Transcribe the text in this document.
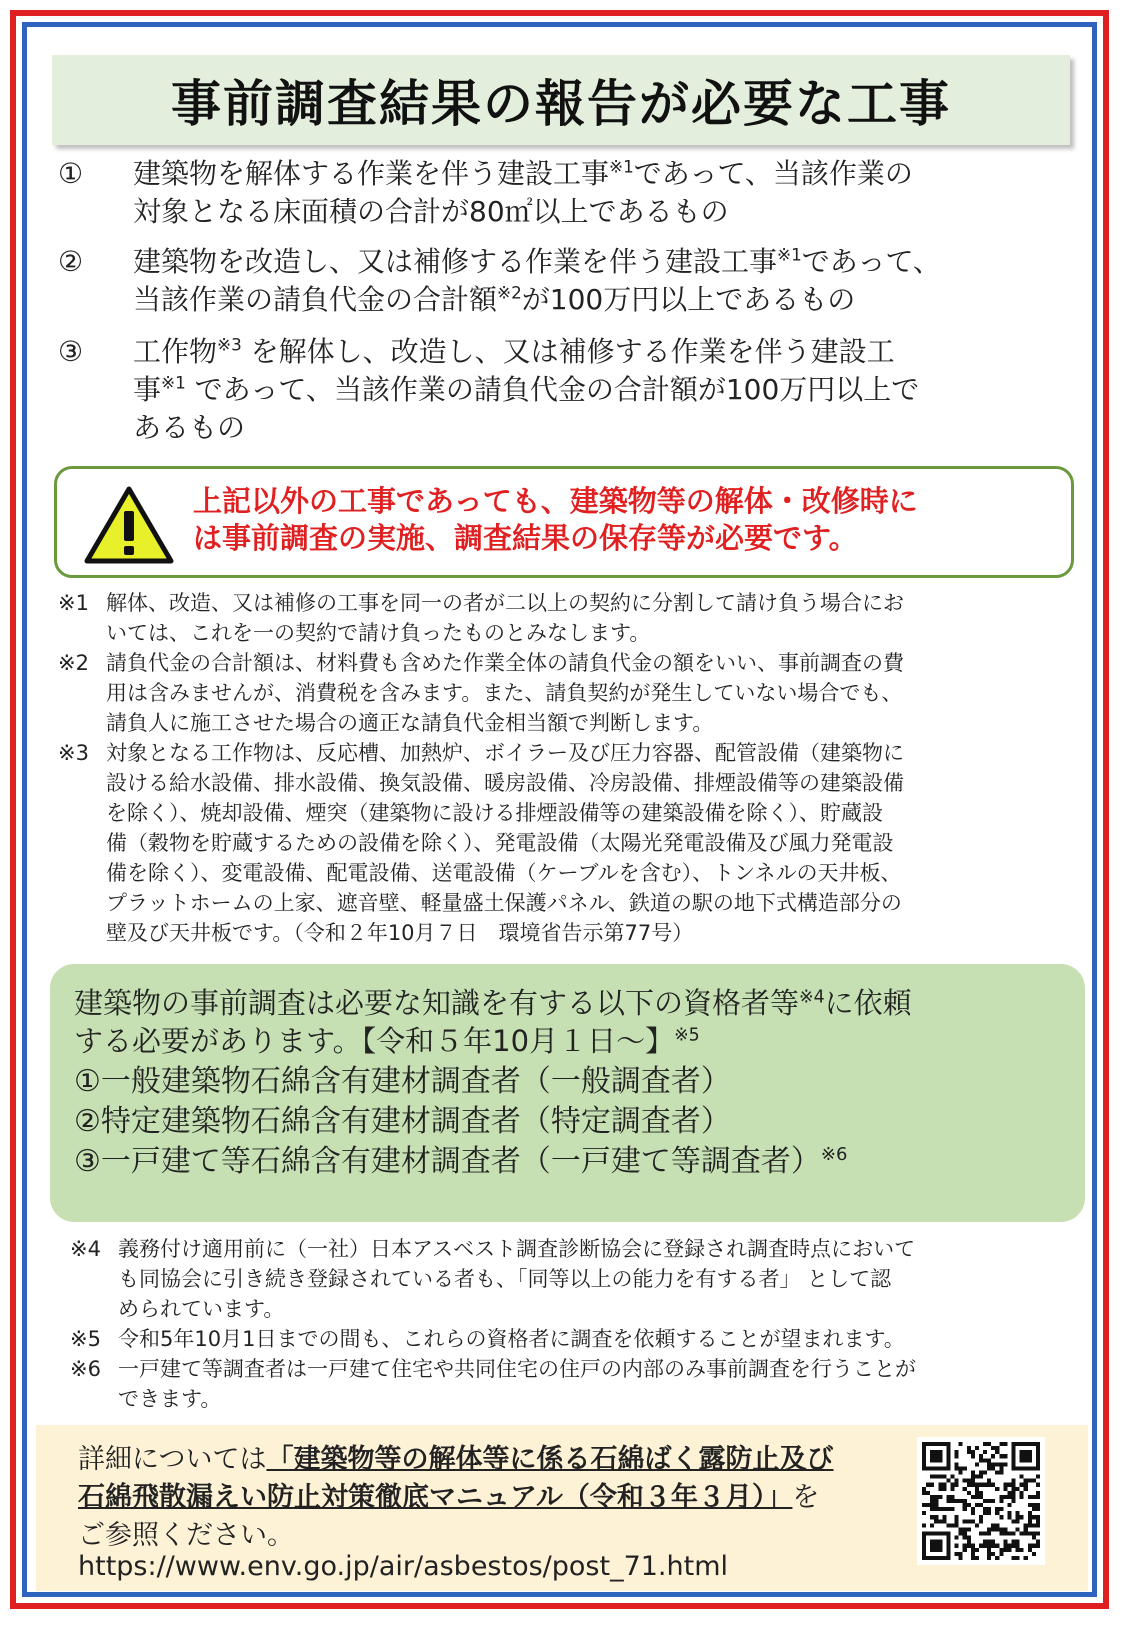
事前調査結果の報告が必要な工事
①	建築物を解体する作業を伴う建設工事$^{※1}$であって、当該作業の
対象となる床面積の合計が80㎡以上であるもの
②	建築物を改造し、又は補修する作業を伴う建設工事$^{※1}$であって、
当該作業の請負代金の合計額$^{※2}$が100万円以上であるもの
③	工作物$^{※3}$ を解体し、改造し、又は補修する作業を伴う建設工
事$^{※1}$ であって、当該作業の請負代金の合計額が100万円以上で
あるもの
上記以外の工事であっても、建築物等の解体・改修時に
は事前調査の実施、調査結果の保存等が必要です。
※1 解体、改造、又は補修の工事を同一の者が二以上の契約に分割して請け負う場合にお
いては、これを一の契約で請け負ったものとみなします。
※2 請負代金の合計額は、材料費も含めた作業全体の請負代金の額をいい、事前調査の費
用は含みませんが、消費税を含みます。また、請負契約が発生していない場合でも、
請負人に施工させた場合の適正な請負代金相当額で判断します。
※3 対象となる工作物は、反応槽、加熱炉、ボイラー及び圧力容器、配管設備（建築物に
設ける給水設備、排水設備、換気設備、暖房設備、冷房設備、排煙設備等の建築設備
を除く）、焼却設備、煙突（建築物に設ける排煙設備等の建築設備を除く）、貯蔵設
備（穀物を貯蔵するための設備を除く）、発電設備（太陽光発電設備及び風力発電設
備を除く）、変電設備、配電設備、送電設備（ケーブルを含む）、トンネルの天井板、
プラットホームの上家、遮音壁、軽量盛土保護パネル、鉄道の駅の地下式構造部分の
壁及び天井板です。（令和２年10月７日　環境省告示第77号）
建築物の事前調査は必要な知識を有する以下の資格者等$^{※4}$に依頼
する必要があります。【令和５年10月１日～】$^{※5}$
①一般建築物石綿含有建材調査者（一般調査者）
②特定建築物石綿含有建材調査者（特定調査者）
③一戸建て等石綿含有建材調査者（一戸建て等調査者）$^{※6}$
※4 義務付け適用前に（一社）日本アスベスト調査診断協会に登録され調査時点において
も同協会に引き続き登録されている者も、「同等以上の能力を有する者」 として認
められています。
※5 令和5年10月1日までの間も、これらの資格者に調査を依頼することが望まれます。
※6 一戸建て等調査者は一戸建て住宅や共同住宅の住戸の内部のみ事前調査を行うことが
できます。
詳細については「建築物等の解体等に係る石綿ばく露防止及び
石綿飛散漏えい防止対策徹底マニュアル（令和３年３月）」を
ご参照ください。
https://www.env.go.jp/air/asbestos/post_71.html
